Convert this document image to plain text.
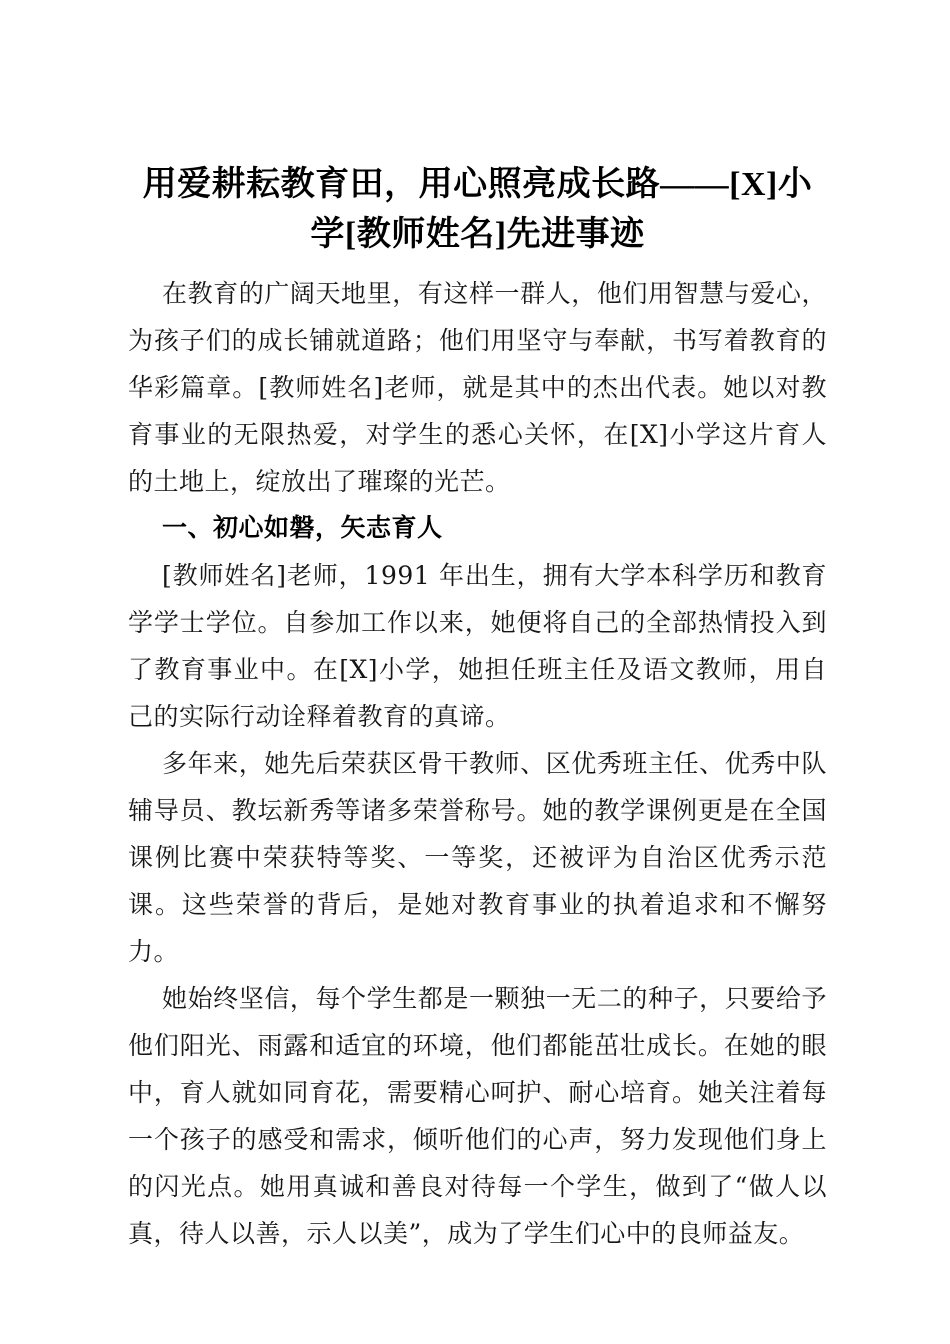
用爱耕耘教育田，用心照亮成长路——[X]小学[教师姓名]先进事迹

在教育的广阔天地里，有这样一群人，他们用智慧与爱心，为孩子们的成长铺就道路；他们用坚守与奉献，书写着教育的华彩篇章。[教师姓名]老师，就是其中的杰出代表。她以对教育事业的无限热爱，对学生的悉心关怀，在[X]小学这片育人的土地上，绽放出了璀璨的光芒。

一、初心如磐，矢志育人

[教师姓名]老师，1991 年出生，拥有大学本科学历和教育学学士学位。自参加工作以来，她便将自己的全部热情投入到了教育事业中。在[X]小学，她担任班主任及语文教师，用自己的实际行动诠释着教育的真谛。

多年来，她先后荣获区骨干教师、区优秀班主任、优秀中队辅导员、教坛新秀等诸多荣誉称号。她的教学课例更是在全国课例比赛中荣获特等奖、一等奖，还被评为自治区优秀示范课。这些荣誉的背后，是她对教育事业的执着追求和不懈努力。

她始终坚信，每个学生都是一颗独一无二的种子，只要给予他们阳光、雨露和适宜的环境，他们都能茁壮成长。在她的眼中，育人就如同育花，需要精心呵护、耐心培育。她关注着每一个孩子的感受和需求，倾听他们的心声，努力发现他们身上的闪光点。她用真诚和善良对待每一个学生，做到了“做人以真，待人以善，示人以美”，成为了学生们心中的良师益友。
